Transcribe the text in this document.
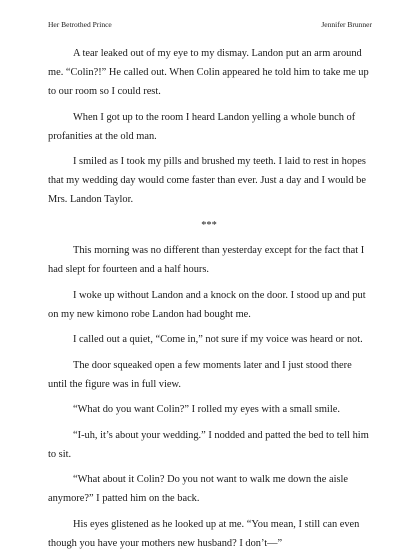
Her Betrothed Prince	Jennifer Brunner

A tear leaked out of my eye to my dismay. Landon put an arm around me. “Colin?!” He called out. When Colin appeared he told him to take me up to our room so I could rest.

When I got up to the room I heard Landon yelling a whole bunch of profanities at the old man.

I smiled as I took my pills and brushed my teeth. I laid to rest in hopes that my wedding day would come faster than ever. Just a day and I would be Mrs. Landon Taylor.

***

This morning was no different than yesterday except for the fact that I had slept for fourteen and a half hours.

I woke up without Landon and a knock on the door. I stood up and put on my new kimono robe Landon had bought me.

I called out a quiet, “Come in,” not sure if my voice was heard or not.

The door squeaked open a few moments later and I just stood there until the figure was in full view.

“What do you want Colin?” I rolled my eyes with a small smile.

“I-uh, it’s about your wedding.” I nodded and patted the bed to tell him to sit.

“What about it Colin? Do you not want to walk me down the aisle anymore?” I patted him on the back.

His eyes glistened as he looked up at me. “You mean, I still can even though you have your mothers new husband? I don’t—”
